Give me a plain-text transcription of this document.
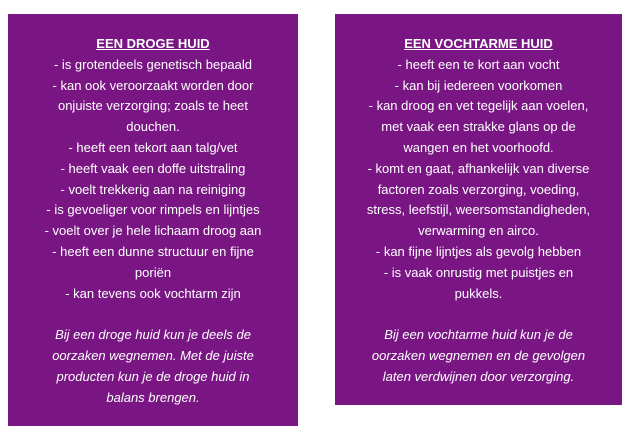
EEN DROGE HUID

- is grotendeels genetisch bepaald

- kan ook veroorzaakt worden door

onjuiste verzorging; zoals te heet

douchen.

- heeft een tekort aan talg/vet

- heeft vaak een doffe uitstraling

- voelt trekkerig aan na reiniging

- is gevoeliger voor rimpels en lijntjes

- voelt over je hele lichaam droog aan

- heeft een dunne structuur en fijne

poriën

- kan tevens ook vochtarm zijn

Bij een droge huid kun je deels de

oorzaken wegnemen. Met de juiste

producten kun je de droge huid in

balans brengen.

EEN VOCHTARME HUID

- heeft een te kort aan vocht

- kan bij iedereen voorkomen

- kan droog en vet tegelijk aan voelen,

met vaak een strakke glans op de

wangen en het voorhoofd.

- komt en gaat, afhankelijk van diverse

factoren zoals verzorging, voeding,

stress, leefstijl, weersomstandigheden,

verwarming en airco.

- kan fijne lijntjes als gevolg hebben

- is vaak onrustig met puistjes en

pukkels.

Bij een vochtarme huid kun je de

oorzaken wegnemen en de gevolgen

laten verdwijnen door verzorging.
